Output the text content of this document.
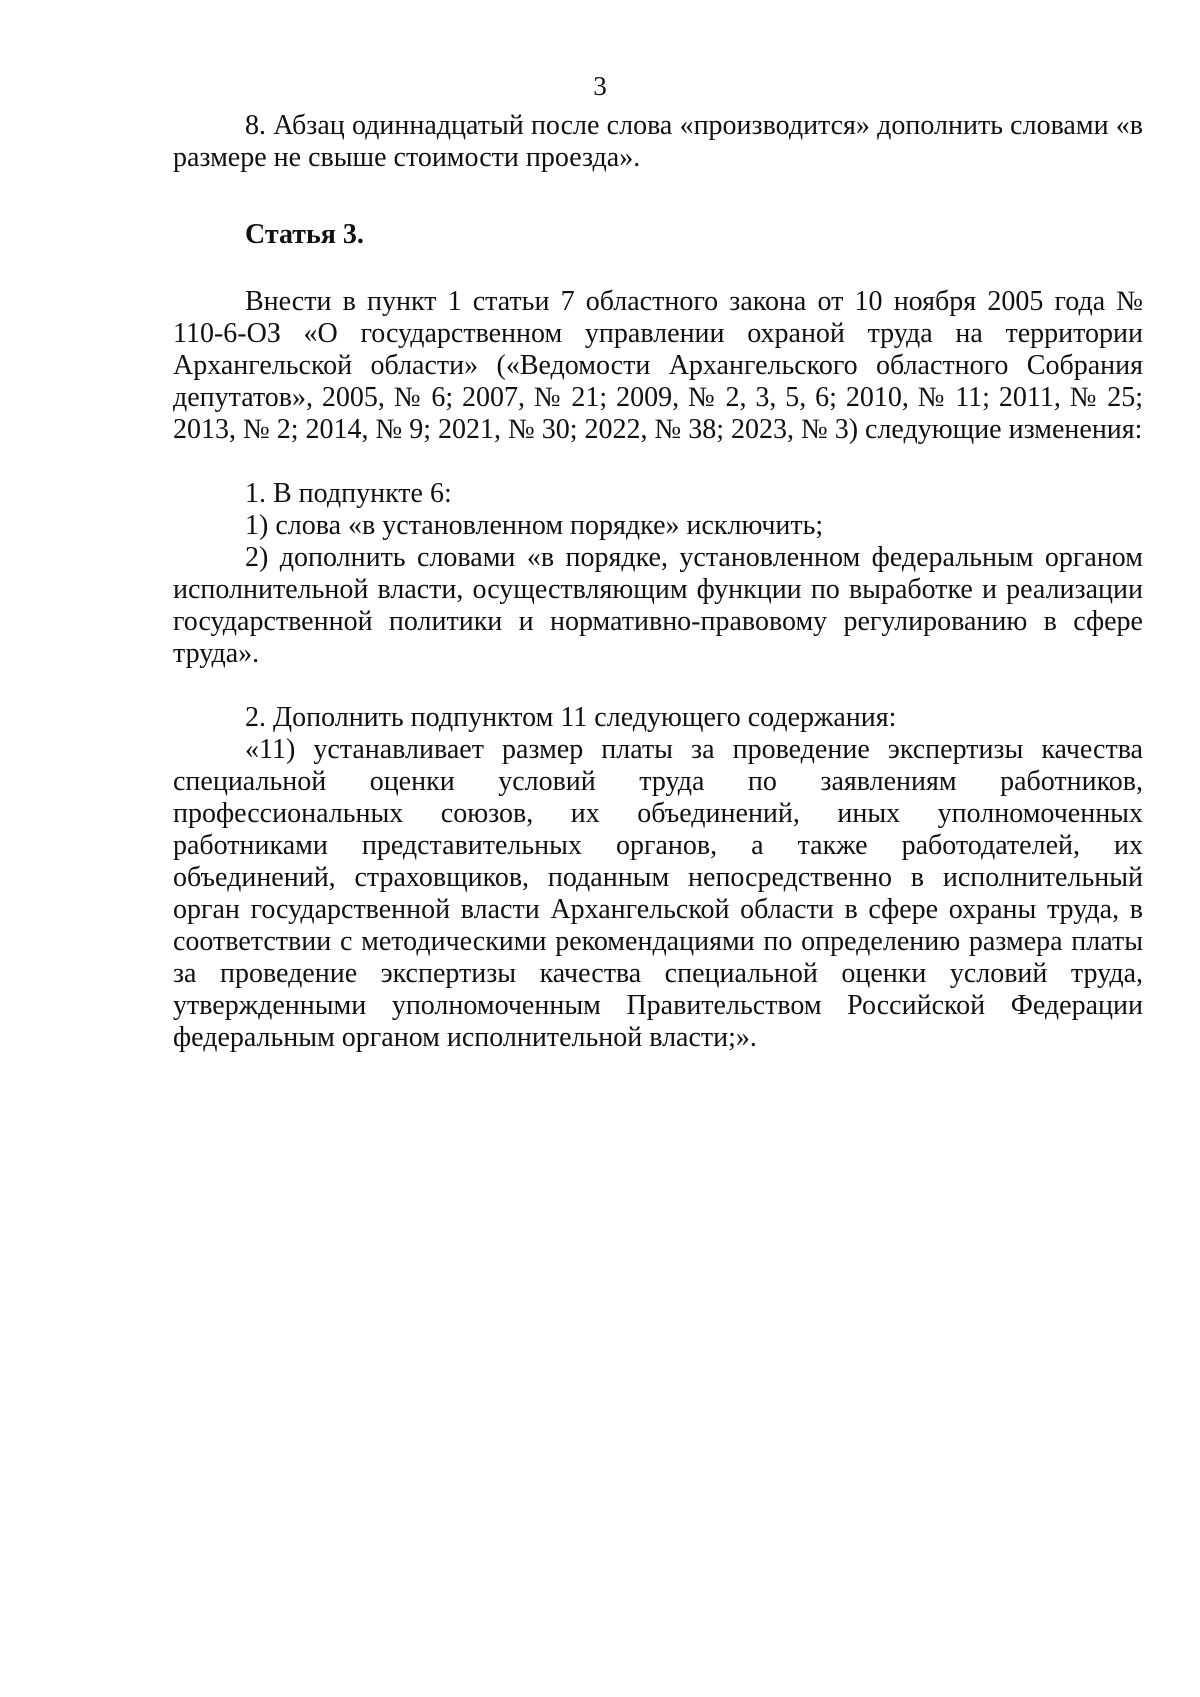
3

8. Абзац одиннадцатый после слова «производится» дополнить словами «в размере не свыше стоимости проезда».

Статья 3.

Внести в пункт 1 статьи 7 областного закона от 10 ноября 2005 года № 110-6-ОЗ «О государственном управлении охраной труда на территории Архангельской области» («Ведомости Архангельского областного Собрания депутатов», 2005, № 6; 2007, № 21; 2009, № 2, 3, 5, 6; 2010, № 11; 2011, № 25; 2013, № 2; 2014, № 9; 2021, № 30; 2022, № 38; 2023, № 3) следующие изменения:

1. В подпункте 6:

1) слова «в установленном порядке» исключить;

2) дополнить словами «в порядке, установленном федеральным органом исполнительной власти, осуществляющим функции по выработке и реализации государственной политики и нормативно-правовому регулированию в сфере труда».

2. Дополнить подпунктом 11 следующего содержания:

«11) устанавливает размер платы за проведение экспертизы качества специальной оценки условий труда по заявлениям работников, профессиональных союзов, их объединений, иных уполномоченных работниками представительных органов, а также работодателей, их объединений, страховщиков, поданным непосредственно в исполнительный орган государственной власти Архангельской области в сфере охраны труда, в соответствии с методическими рекомендациями по определению размера платы за проведение экспертизы качества специальной оценки условий труда, утвержденными уполномоченным Правительством Российской Федерации федеральным органом исполнительной власти;».
